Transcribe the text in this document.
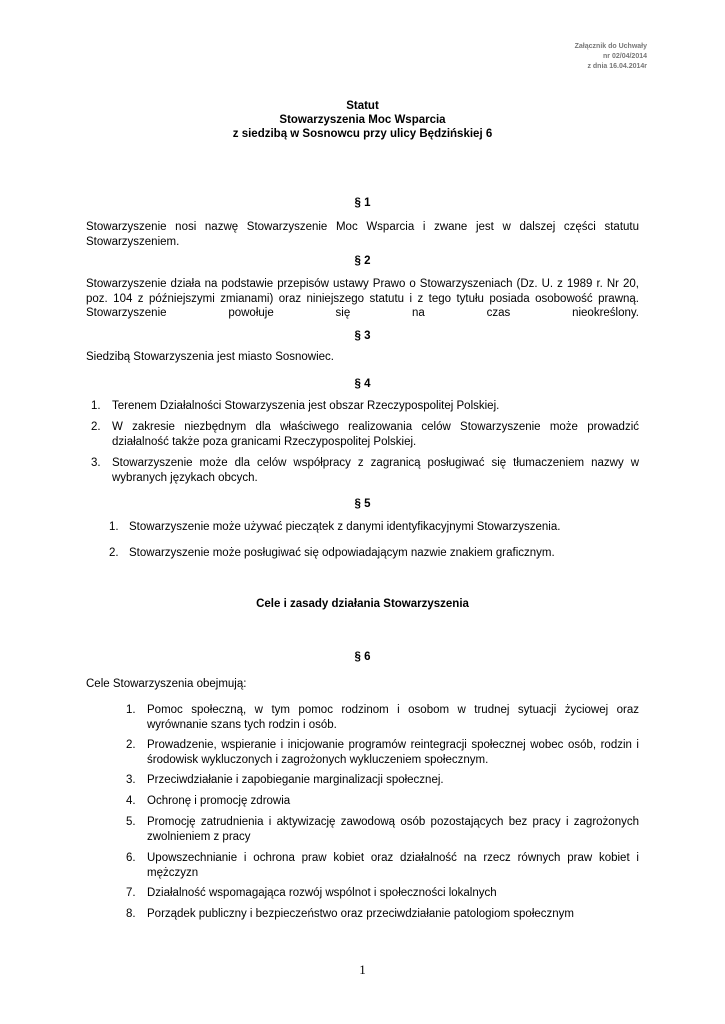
Załącznik do Uchwały
nr 02/04/2014
z dnia 16.04.2014r
Statut
Stowarzyszenia Moc Wsparcia
z siedzibą w Sosnowcu przy ulicy Będzińskiej 6
§ 1
Stowarzyszenie nosi nazwę Stowarzyszenie Moc Wsparcia i zwane jest w dalszej części statutu Stowarzyszeniem.
§ 2
Stowarzyszenie działa na podstawie przepisów ustawy Prawo o Stowarzyszeniach (Dz. U. z 1989 r. Nr 20, poz. 104 z późniejszymi zmianami) oraz niniejszego statutu i z tego tytułu posiada osobowość prawną. Stowarzyszenie powołuje się na czas nieokreślony.
§ 3
Siedzibą Stowarzyszenia jest miasto Sosnowiec.
§ 4
1. Terenem Działalności Stowarzyszenia jest obszar Rzeczypospolitej Polskiej.
2. W zakresie niezbędnym dla właściwego realizowania celów Stowarzyszenie może prowadzić działalność także poza granicami Rzeczypospolitej Polskiej.
3. Stowarzyszenie może dla celów współpracy z zagranicą posługiwać się tłumaczeniem nazwy w wybranych językach obcych.
§ 5
1. Stowarzyszenie może używać pieczątek z danymi identyfikacyjnymi Stowarzyszenia.
2. Stowarzyszenie może posługiwać się odpowiadającym nazwie znakiem graficznym.
Cele i zasady działania Stowarzyszenia
§ 6
Cele Stowarzyszenia obejmują:
1. Pomoc społeczną, w tym pomoc rodzinom i osobom w trudnej sytuacji życiowej oraz wyrównanie szans tych rodzin i osób.
2. Prowadzenie, wspieranie i inicjowanie programów reintegracji społecznej wobec osób, rodzin i środowisk wykluczonych i zagrożonych wykluczeniem społecznym.
3. Przeciwdziałanie i zapobieganie marginalizacji społecznej.
4. Ochronę i promocję zdrowia
5. Promocję zatrudnienia i aktywizację zawodową osób pozostających bez pracy i zagrożonych zwolnieniem z pracy
6. Upowszechnianie i ochrona praw kobiet oraz działalność na rzecz równych praw kobiet i mężczyzn
7. Działalność wspomagająca rozwój wspólnot i społeczności lokalnych
8. Porządek publiczny i bezpieczeństwo oraz przeciwdziałanie patologiom społecznym
1
